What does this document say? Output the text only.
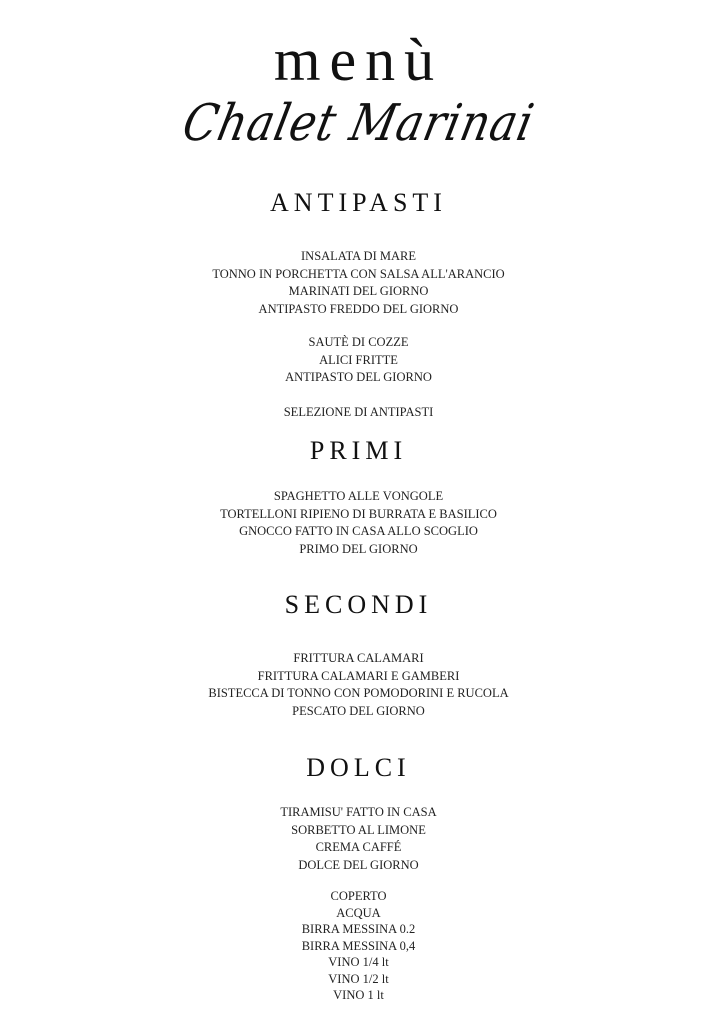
menù
Chalet Marinai
ANTIPASTI
INSALATA DI MARE
TONNO IN PORCHETTA CON SALSA ALL'ARANCIO
MARINATI DEL GIORNO
ANTIPASTO FREDDO DEL GIORNO
SAUTÈ DI COZZE
ALICI FRITTE
ANTIPASTO DEL GIORNO
SELEZIONE DI ANTIPASTI
PRIMI
SPAGHETTO ALLE VONGOLE
TORTELLONI RIPIENO DI BURRATA E BASILICO
GNOCCO FATTO IN CASA ALLO SCOGLIO
PRIMO DEL GIORNO
SECONDI
FRITTURA CALAMARI
FRITTURA CALAMARI E GAMBERI
BISTECCA DI TONNO CON POMODORINI E RUCOLA
PESCATO DEL GIORNO
DOLCI
TIRAMISU' FATTO IN CASA
SORBETTO AL LIMONE
CREMA CAFFÉ
DOLCE DEL GIORNO
COPERTO
ACQUA
BIRRA MESSINA 0.2
BIRRA MESSINA 0,4
VINO 1/4 lt
VINO 1/2 lt
VINO 1 lt
